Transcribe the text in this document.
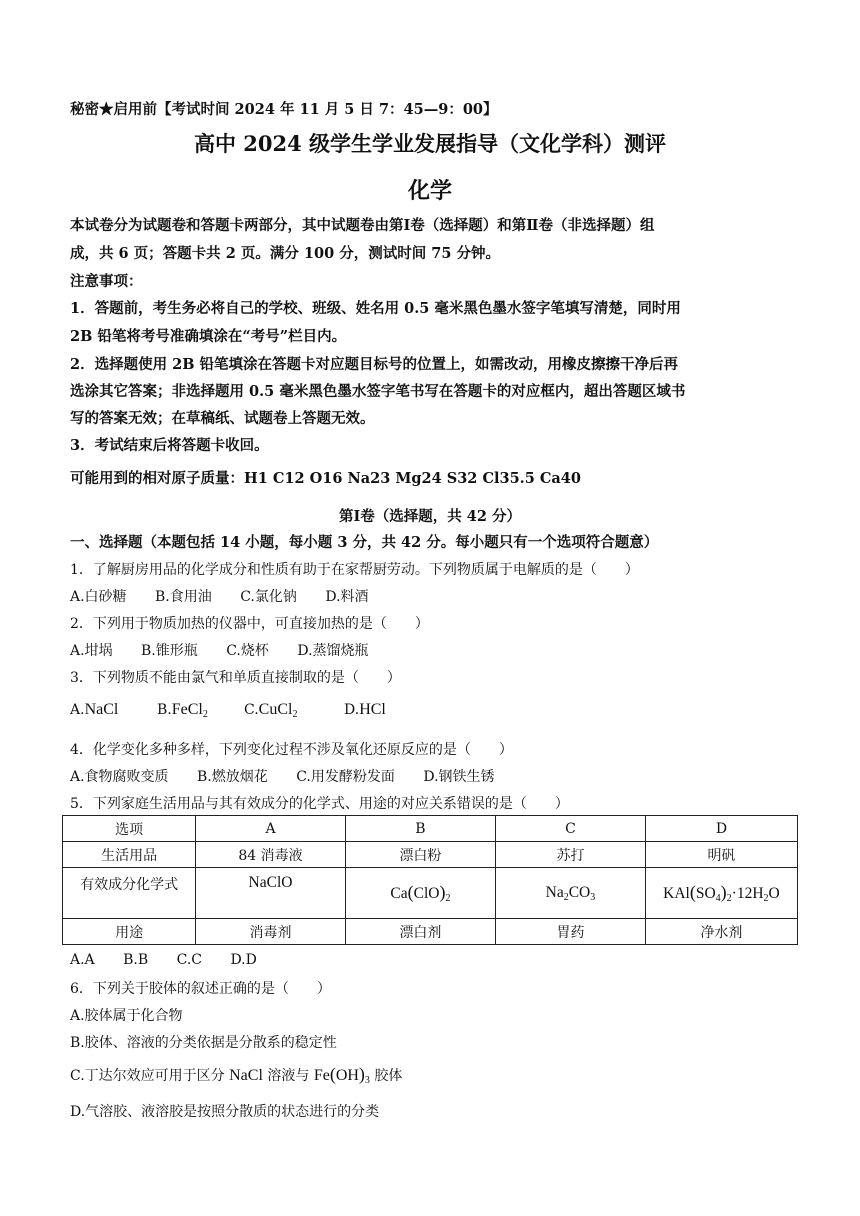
秘密★启用前【考试时间 2024 年 11 月 5 日 7：45—9：00】
高中 2024 级学生学业发展指导（文化学科）测评
化学
本试卷分为试题卷和答题卡两部分，其中试题卷由第Ⅰ卷（选择题）和第Ⅱ卷（非选择题）组
成，共 6 页；答题卡共 2 页。满分 100 分，测试时间 75 分钟。
注意事项：
1．答题前，考生务必将自己的学校、班级、姓名用 0.5 毫米黑色墨水签字笔填写清楚，同时用
2B 铅笔将考号准确填涂在“考号”栏目内。
2．选择题使用 2B 铅笔填涂在答题卡对应题目标号的位置上，如需改动，用橡皮擦擦干净后再
选涂其它答案；非选择题用 0.5 毫米黑色墨水签字笔书写在答题卡的对应框内，超出答题区域书
写的答案无效；在草稿纸、试题卷上答题无效。
3．考试结束后将答题卡收回。
可能用到的相对原子质量：H1 C12 O16 Na23 Mg24 S32 Cl35.5 Ca40
第Ⅰ卷（选择题，共 42 分）
一、选择题（本题包括 14 小题，每小题 3 分，共 42 分。每小题只有一个选项符合题意）
1．了解厨房用品的化学成分和性质有助于在家帮厨劳动。下列物质属于电解质的是（　　）
A.白砂糖 B.食用油 C.氯化钠 D.料酒
2．下列用于物质加热的仪器中，可直接加热的是（　　）
A.坩埚 B.锥形瓶 C.烧杯 D.蒸馏烧瓶
3．下列物质不能由氯气和单质直接制取的是（　　）
A.NaCl	B.FeCl$_2$	C.CuCl$_2$	D.HCl
4．化学变化多种多样，下列变化过程不涉及氧化还原反应的是（　　）
A.食物腐败变质 B.燃放烟花 C.用发酵粉发面 D.钢铁生锈
5．下列家庭生活用品与其有效成分的化学式、用途的对应关系错误的是（　　）
选项	A	B	C	D
生活用品	84 消毒液	漂白粉	苏打	明矾
有效成分化学式	NaClO	$Ca(ClO)_2$	$Na_2CO_3$	$KAl(SO_4)_2\cdot 12H_2O$
用途	消毒剂	漂白剂	胃药	净水剂
A.A B.B C.C D.D
6．下列关于胶体的叙述正确的是（　　）
A.胶体属于化合物
B.胶体、溶液的分类依据是分散系的稳定性
C.丁达尔效应可用于区分 NaCl 溶液与 $Fe(OH)_3$ 胶体
D.气溶胶、液溶胶是按照分散质的状态进行的分类
